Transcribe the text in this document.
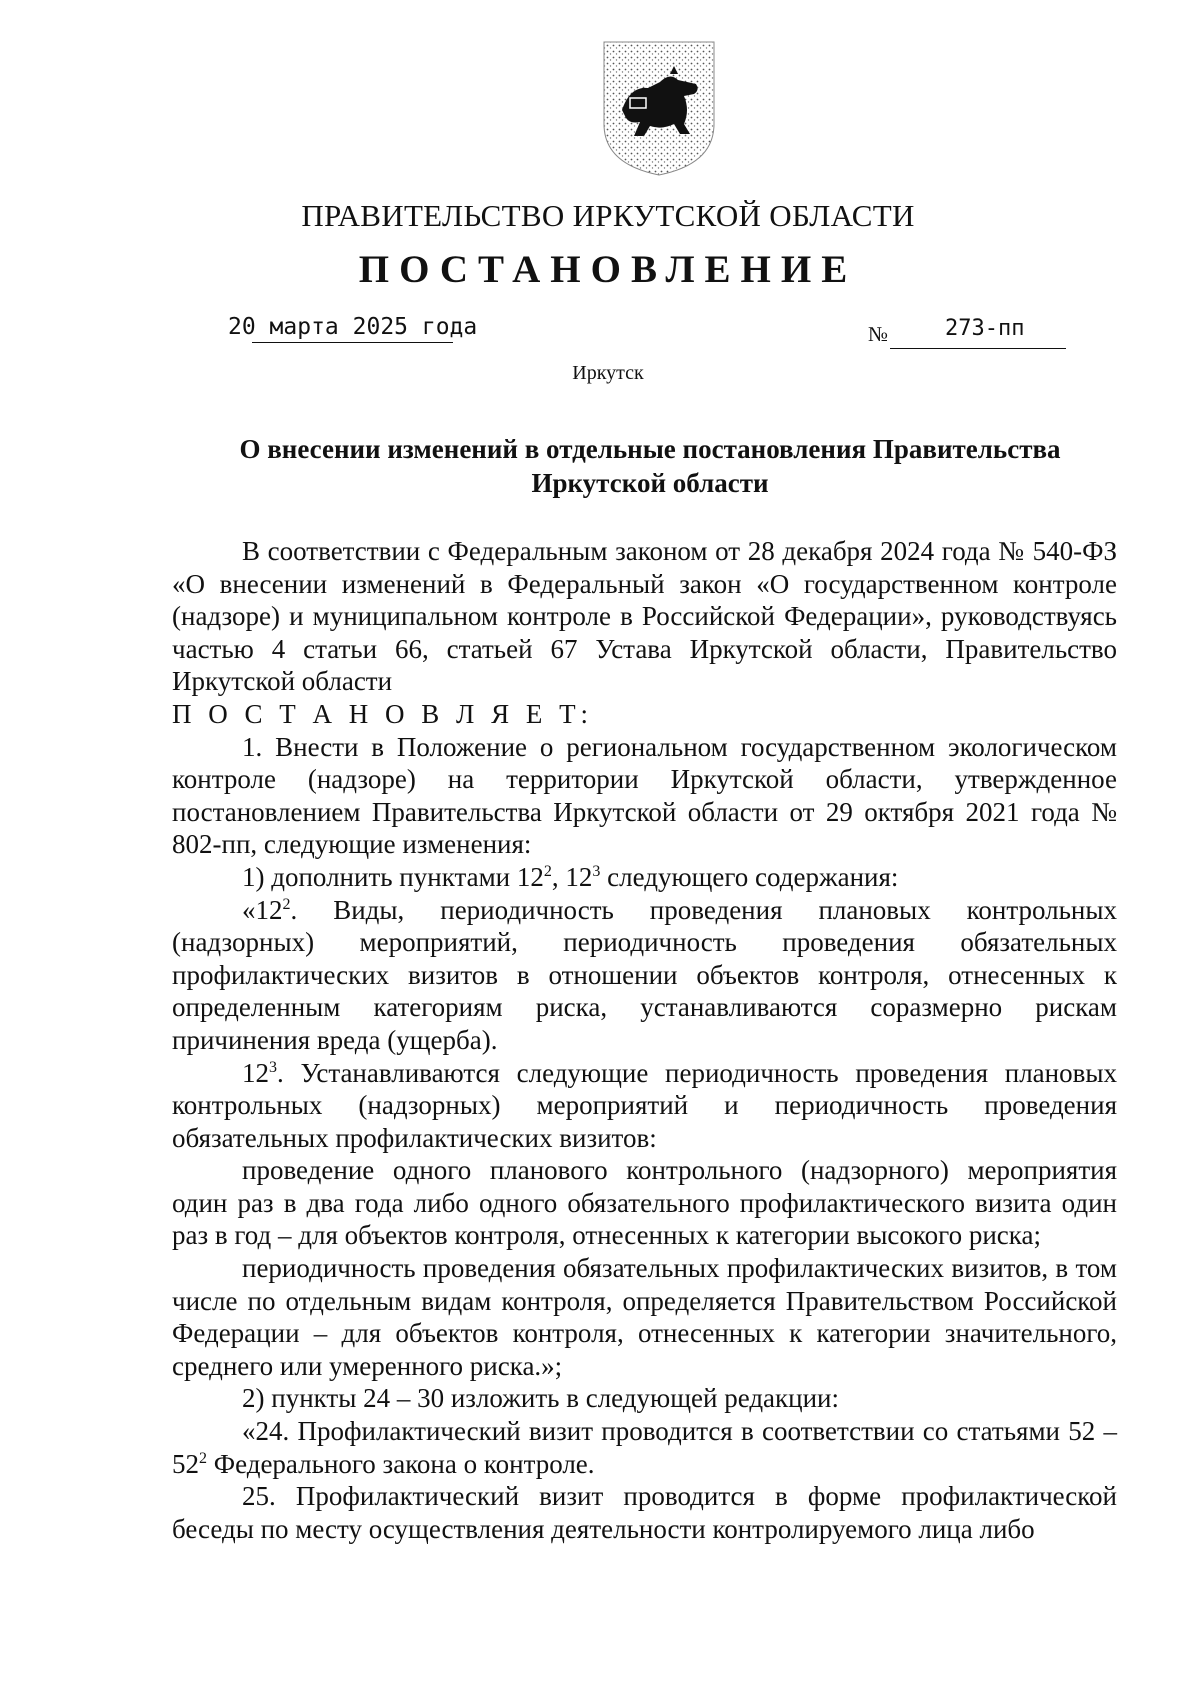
ПРАВИТЕЛЬСТВО ИРКУТСКОЙ ОБЛАСТИ
ПОСТАНОВЛЕНИЕ
20 марта 2025 года	№	273-пп
Иркутск
О внесении изменений в отдельные постановления Правительства
Иркутской области

В соответствии с Федеральным законом от 28 декабря 2024 года № 540-ФЗ «О внесении изменений в Федеральный закон «О государственном контроле (надзоре) и муниципальном контроле в Российской Федерации», руководствуясь частью 4 статьи 66, статьей 67 Устава Иркутской области, Правительство Иркутской области

П О С Т А Н О В Л Я Е Т:

1. Внести в Положение о региональном государственном экологическом контроле (надзоре) на территории Иркутской области, утвержденное постановлением Правительства Иркутской области от 29 октября 2021 года № 802-пп, следующие изменения:

1) дополнить пунктами $12^2$, $12^3$ следующего содержания:

«$12^2$. Виды, периодичность проведения плановых контрольных (надзорных) мероприятий, периодичность проведения обязательных профилактических визитов в отношении объектов контроля, отнесенных к определенным категориям риска, устанавливаются соразмерно рискам причинения вреда (ущерба).

$12^3$. Устанавливаются следующие периодичность проведения плановых контрольных (надзорных) мероприятий и периодичность проведения обязательных профилактических визитов:

проведение одного планового контрольного (надзорного) мероприятия один раз в два года либо одного обязательного профилактического визита один раз в год – для объектов контроля, отнесенных к категории высокого риска;

периодичность проведения обязательных профилактических визитов, в том числе по отдельным видам контроля, определяется Правительством Российской Федерации – для объектов контроля, отнесенных к категории значительного, среднего или умеренного риска.»;

2) пункты 24 – 30 изложить в следующей редакции:

«24. Профилактический визит проводится в соответствии со статьями $52 - 52^2$ Федерального закона о контроле.

25. Профилактический визит проводится в форме профилактической беседы по месту осуществления деятельности контролируемого лица либо
